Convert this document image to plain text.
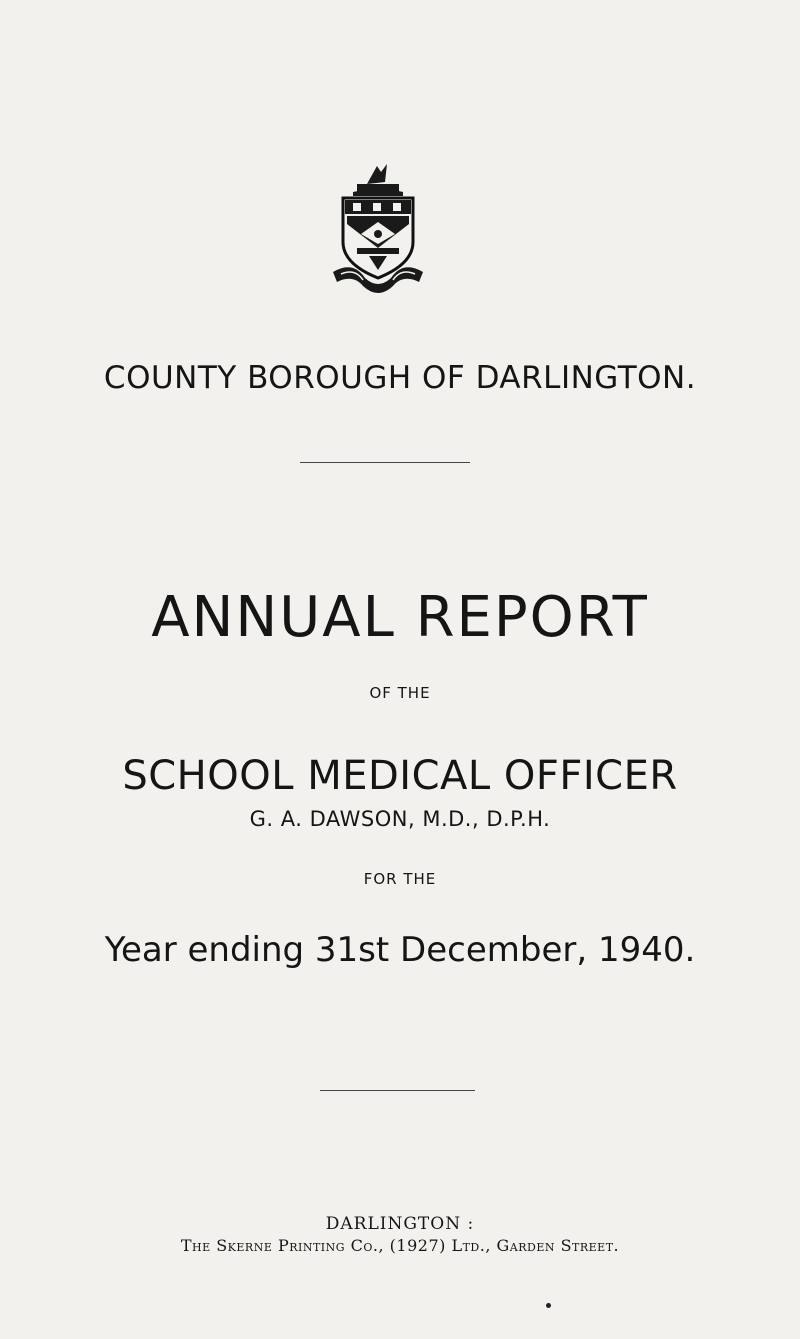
COUNTY BOROUGH OF DARLINGTON.
ANNUAL REPORT
OF THE
SCHOOL MEDICAL OFFICER
G. A. DAWSON, M.D., D.P.H.
FOR THE
Year ending 31st December, 1940.
DARLINGTON :
The Skerne Printing Co., (1927) Ltd., Garden Street.
